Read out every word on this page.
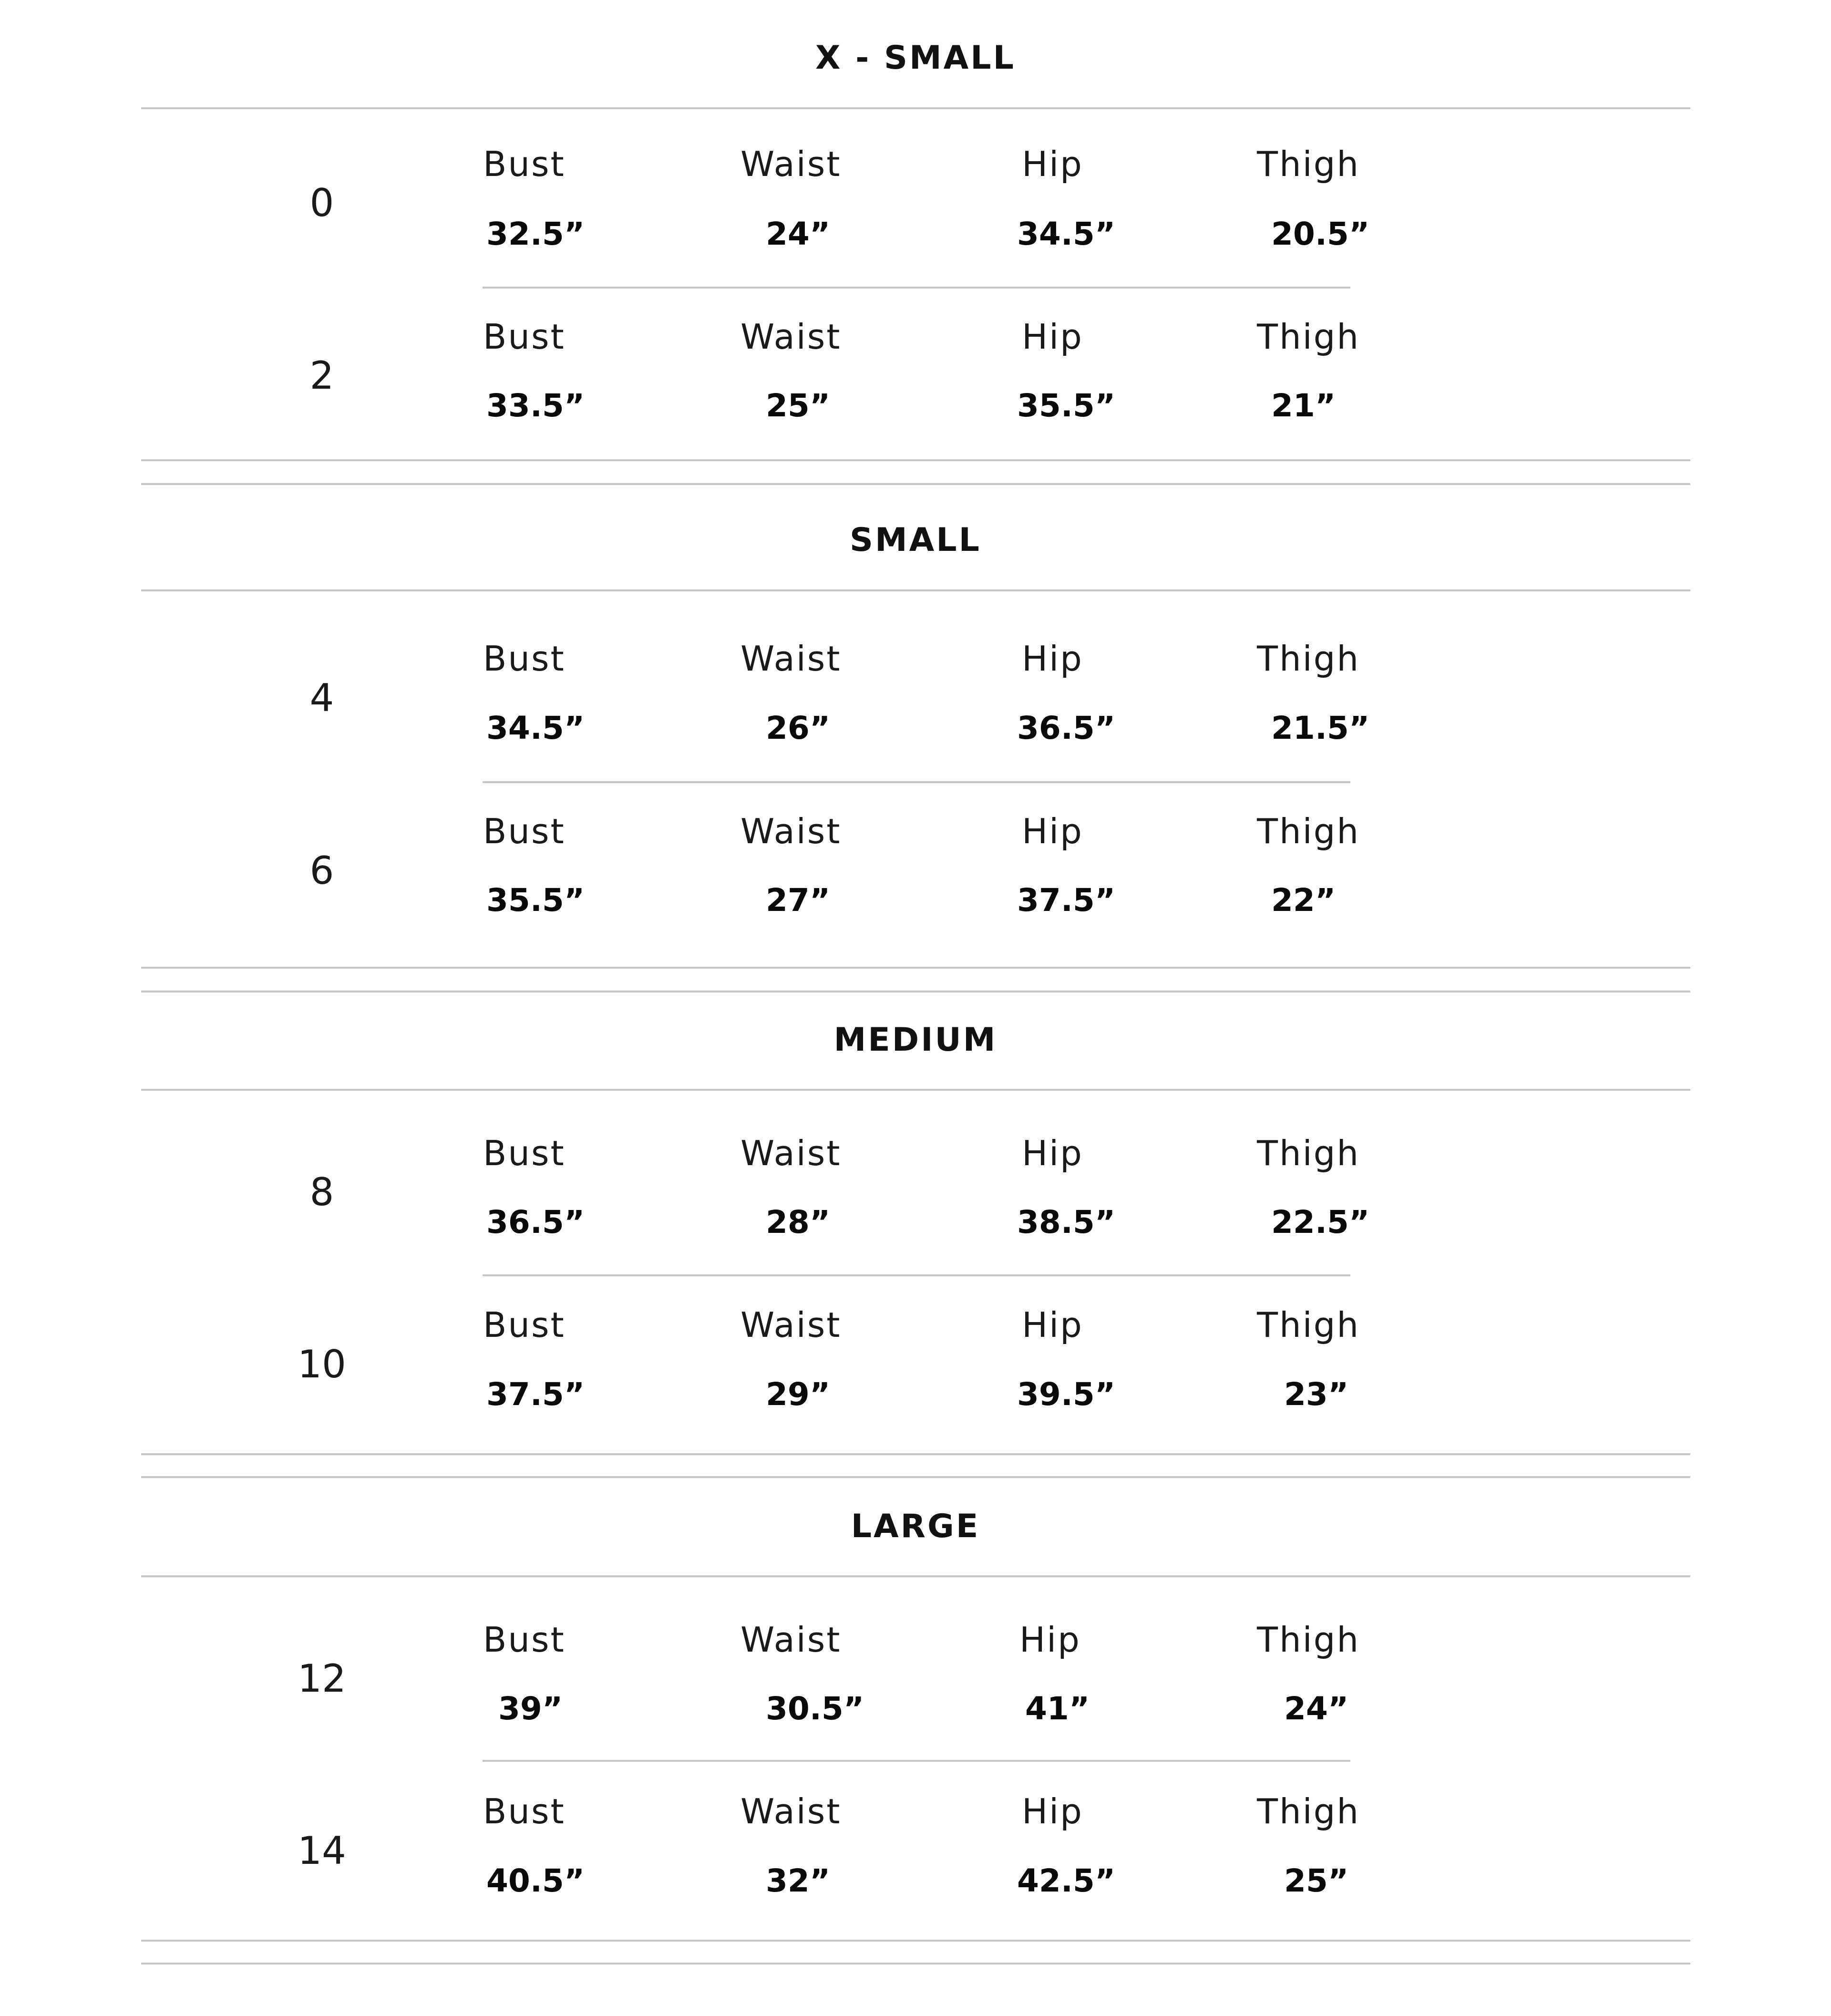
X - SMALL
0
Bust
32.5”
Waist
24”
Hip
34.5”
Thigh
20.5”
2
Bust
33.5”
Waist
25”
Hip
35.5”
Thigh
21”
SMALL
4
Bust
34.5”
Waist
26”
Hip
36.5”
Thigh
21.5”
6
Bust
35.5”
Waist
27”
Hip
37.5”
Thigh
22”
MEDIUM
8
Bust
36.5”
Waist
28”
Hip
38.5”
Thigh
22.5”
10
Bust
37.5”
Waist
29”
Hip
39.5”
Thigh
23”
LARGE
12
Bust
39”
Waist
30.5”
Hip
41”
Thigh
24”
14
Bust
40.5”
Waist
32”
Hip
42.5”
Thigh
25”
